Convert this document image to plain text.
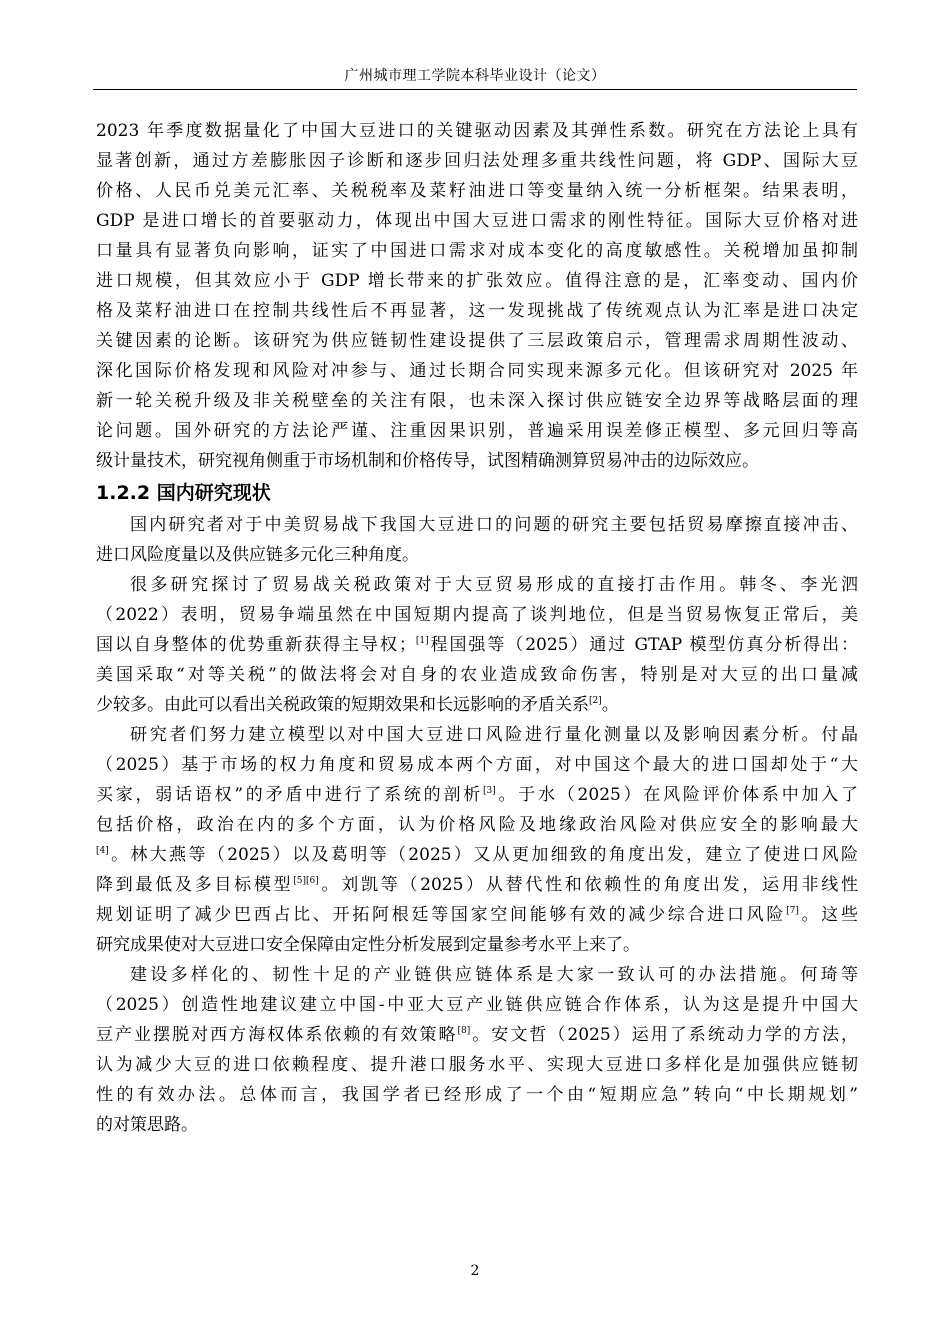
广州城市理工学院本科毕业设计（论文）
2023 年季度数据量化了中国大豆进口的关键驱动因素及其弹性系数。研究在方法论上具有
显著创新，通过方差膨胀因子诊断和逐步回归法处理多重共线性问题，将 GDP、国际大豆
价格、人民币兑美元汇率、关税税率及菜籽油进口等变量纳入统一分析框架。结果表明，
GDP 是进口增长的首要驱动力，体现出中国大豆进口需求的刚性特征。国际大豆价格对进
口量具有显著负向影响，证实了中国进口需求对成本变化的高度敏感性。关税增加虽抑制
进口规模，但其效应小于 GDP 增长带来的扩张效应。值得注意的是，汇率变动、国内价
格及菜籽油进口在控制共线性后不再显著，这一发现挑战了传统观点认为汇率是进口决定
关键因素的论断。该研究为供应链韧性建设提供了三层政策启示，管理需求周期性波动、
深化国际价格发现和风险对冲参与、通过长期合同实现来源多元化。但该研究对 2025 年
新一轮关税升级及非关税壁垒的关注有限，也未深入探讨供应链安全边界等战略层面的理
论问题。国外研究的方法论严谨、注重因果识别，普遍采用误差修正模型、多元回归等高
级计量技术，研究视角侧重于市场机制和价格传导，试图精确测算贸易冲击的边际效应。
1.2.2 国内研究现状
国内研究者对于中美贸易战下我国大豆进口的问题的研究主要包括贸易摩擦直接冲击、
进口风险度量以及供应链多元化三种角度。
很多研究探讨了贸易战关税政策对于大豆贸易形成的直接打击作用。韩冬、李光泗
（2022）表明，贸易争端虽然在中国短期内提高了谈判地位，但是当贸易恢复正常后，美
国以自身整体的优势重新获得主导权；[1]程国强等（2025）通过 GTAP 模型仿真分析得出：
美国采取“对等关税”的做法将会对自身的农业造成致命伤害，特别是对大豆的出口量减
少较多。由此可以看出关税政策的短期效果和长远影响的矛盾关系[2]。
研究者们努力建立模型以对中国大豆进口风险进行量化测量以及影响因素分析。付晶
（2025）基于市场的权力角度和贸易成本两个方面，对中国这个最大的进口国却处于“大
买家，弱话语权”的矛盾中进行了系统的剖析[3]。于水（2025）在风险评价体系中加入了
包括价格，政治在内的多个方面，认为价格风险及地缘政治风险对供应安全的影响最大
[4]。林大燕等（2025）以及葛明等（2025）又从更加细致的角度出发，建立了使进口风险
降到最低及多目标模型[5][6]。刘凯等（2025）从替代性和依赖性的角度出发，运用非线性
规划证明了减少巴西占比、开拓阿根廷等国家空间能够有效的减少综合进口风险[7]。这些
研究成果使对大豆进口安全保障由定性分析发展到定量参考水平上来了。
建设多样化的、韧性十足的产业链供应链体系是大家一致认可的办法措施。何琦等
（2025）创造性地建议建立中国-中亚大豆产业链供应链合作体系，认为这是提升中国大
豆产业摆脱对西方海权体系依赖的有效策略[8]。安文哲（2025）运用了系统动力学的方法，
认为减少大豆的进口依赖程度、提升港口服务水平、实现大豆进口多样化是加强供应链韧
性的有效办法。总体而言，我国学者已经形成了一个由“短期应急”转向“中长期规划”
的对策思路。
2
